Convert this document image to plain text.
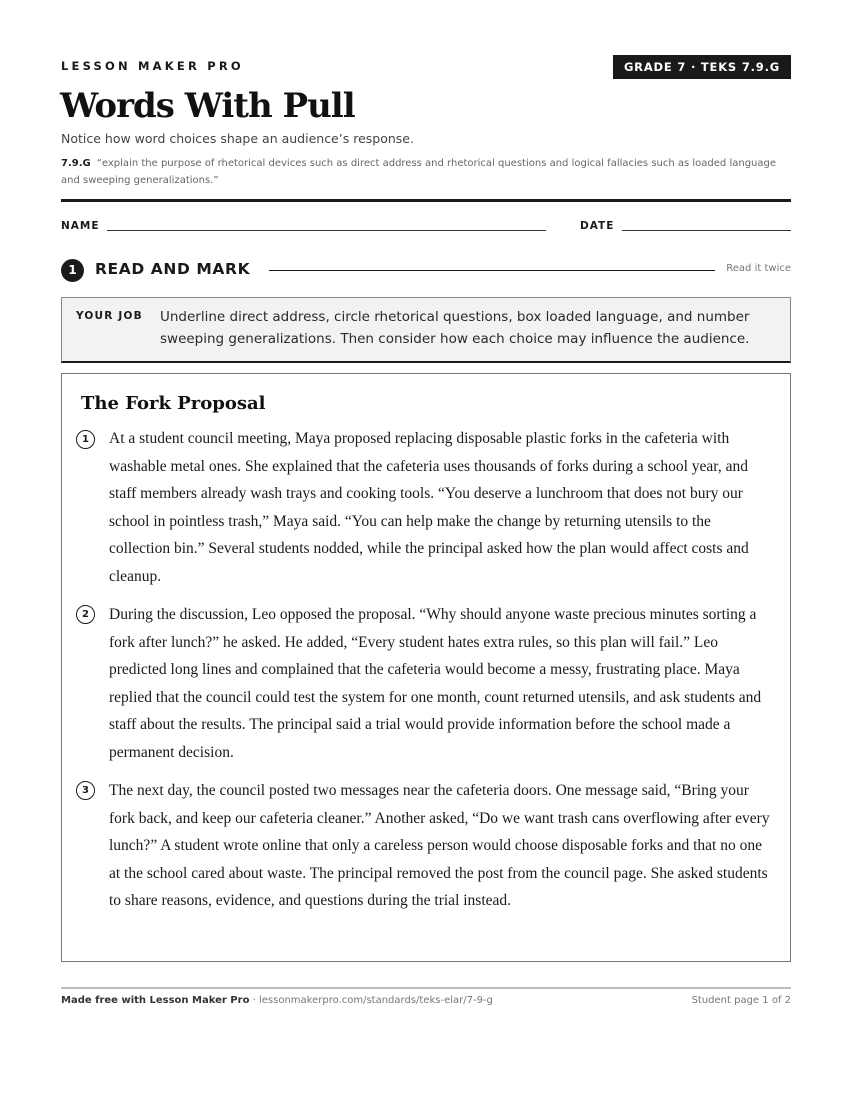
LESSON MAKER PRO	GRADE 7 · TEKS 7.9.G
Words With Pull
Notice how word choices shape an audience’s response.
7.9.G “explain the purpose of rhetorical devices such as direct address and rhetorical questions and logical fallacies such as loaded language and sweeping generalizations.”
NAME	DATE
1	READ AND MARK	Read it twice
YOUR JOB Underline direct address, circle rhetorical questions, box loaded language, and number sweeping generalizations. Then consider how each choice may influence the audience.
The Fork Proposal
1	At a student council meeting, Maya proposed replacing disposable plastic forks in the cafeteria with washable metal ones. She explained that the cafeteria uses thousands of forks during a school year, and staff members already wash trays and cooking tools. “You deserve a lunchroom that does not bury our school in pointless trash,” Maya said. “You can help make the change by returning utensils to the collection bin.” Several students nodded, while the principal asked how the plan would affect costs and cleanup.
2	During the discussion, Leo opposed the proposal. “Why should anyone waste precious minutes sorting a fork after lunch?” he asked. He added, “Every student hates extra rules, so this plan will fail.” Leo predicted long lines and complained that the cafeteria would become a messy, frustrating place. Maya replied that the council could test the system for one month, count returned utensils, and ask students and staff about the results. The principal said a trial would provide information before the school made a permanent decision.
3	The next day, the council posted two messages near the cafeteria doors. One message said, “Bring your fork back, and keep our cafeteria cleaner.” Another asked, “Do we want trash cans overflowing after every lunch?” A student wrote online that only a careless person would choose disposable forks and that no one at the school cared about waste. The principal removed the post from the council page. She asked students to share reasons, evidence, and questions during the trial instead.
Made free with Lesson Maker Pro · lessonmakerpro.com/standards/teks-elar/7-9-g	Student page 1 of 2
